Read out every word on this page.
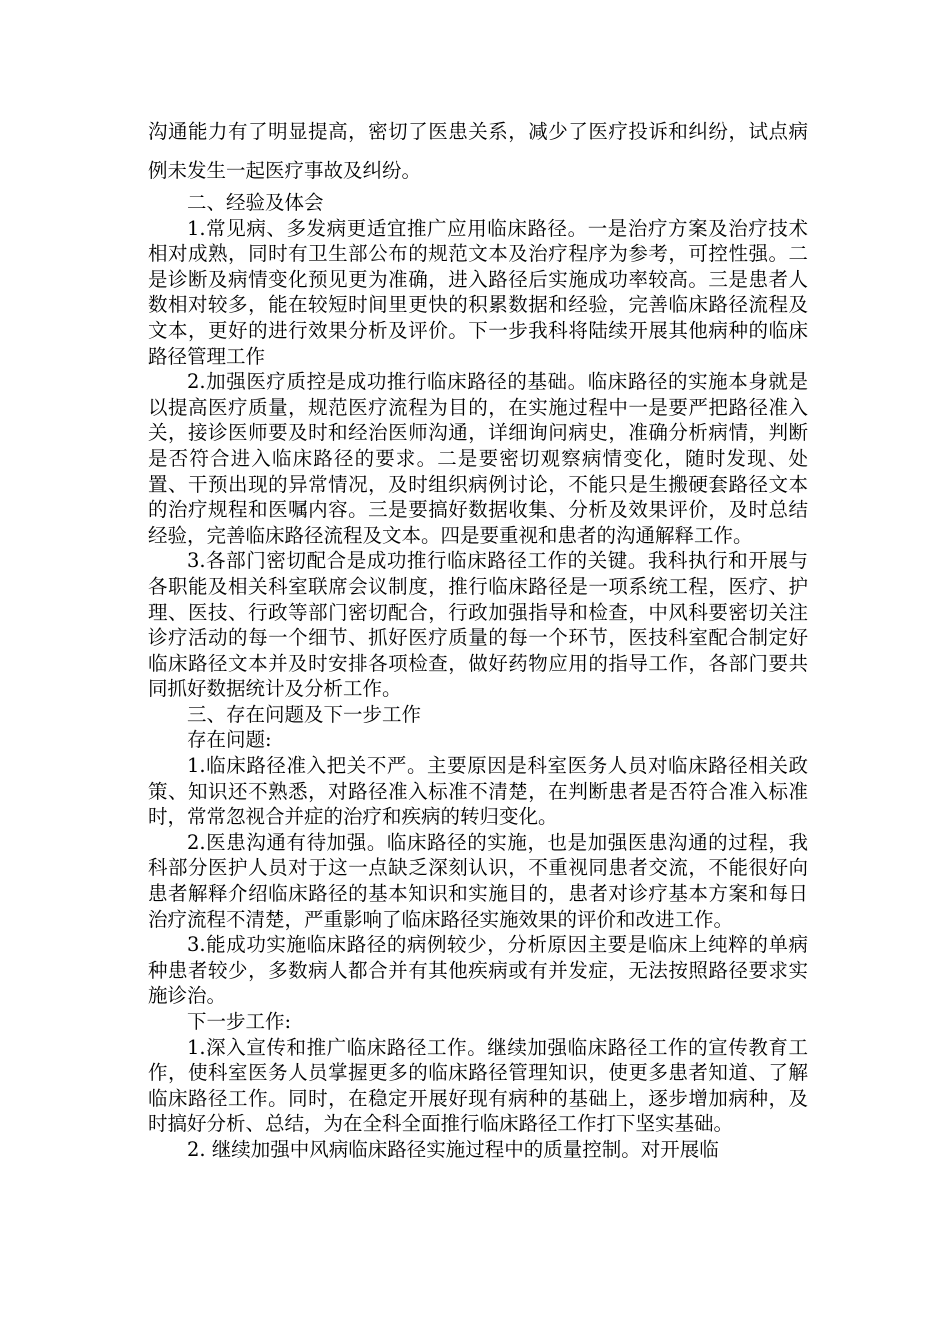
沟通能力有了明显提高，密切了医患关系，减少了医疗投诉和纠纷，试点病例未发生一起医疗事故及纠纷。

二、经验及体会

1.常见病、多发病更适宜推广应用临床路径。一是治疗方案及治疗技术相对成熟，同时有卫生部公布的规范文本及治疗程序为参考，可控性强。二是诊断及病情变化预见更为准确，进入路径后实施成功率较高。三是患者人数相对较多，能在较短时间里更快的积累数据和经验，完善临床路径流程及文本，更好的进行效果分析及评价。下一步我科将陆续开展其他病种的临床路径管理工作

2.加强医疗质控是成功推行临床路径的基础。临床路径的实施本身就是以提高医疗质量，规范医疗流程为目的，在实施过程中一是要严把路径准入关，接诊医师要及时和经治医师沟通，详细询问病史，准确分析病情，判断是否符合进入临床路径的要求。二是要密切观察病情变化，随时发现、处置、干预出现的异常情况，及时组织病例讨论，不能只是生搬硬套路径文本的治疗规程和医嘱内容。三是要搞好数据收集、分析及效果评价，及时总结经验，完善临床路径流程及文本。四是要重视和患者的沟通解释工作。

3.各部门密切配合是成功推行临床路径工作的关键。我科执行和开展与各职能及相关科室联席会议制度，推行临床路径是一项系统工程，医疗、护理、医技、行政等部门密切配合，行政加强指导和检查，中风科要密切关注诊疗活动的每一个细节、抓好医疗质量的每一个环节，医技科室配合制定好临床路径文本并及时安排各项检查，做好药物应用的指导工作，各部门要共同抓好数据统计及分析工作。

三、存在问题及下一步工作

存在问题:

1.临床路径准入把关不严。主要原因是科室医务人员对临床路径相关政策、知识还不熟悉，对路径准入标准不清楚，在判断患者是否符合准入标准时，常常忽视合并症的治疗和疾病的转归变化。

2.医患沟通有待加强。临床路径的实施，也是加强医患沟通的过程，我科部分医护人员对于这一点缺乏深刻认识，不重视同患者交流，不能很好向患者解释介绍临床路径的基本知识和实施目的，患者对诊疗基本方案和每日治疗流程不清楚，严重影响了临床路径实施效果的评价和改进工作。

3.能成功实施临床路径的病例较少，分析原因主要是临床上纯粹的单病种患者较少，多数病人都合并有其他疾病或有并发症，无法按照路径要求实施诊治。

下一步工作:

1.深入宣传和推广临床路径工作。继续加强临床路径工作的宣传教育工作，使科室医务人员掌握更多的临床路径管理知识，使更多患者知道、了解临床路径工作。同时，在稳定开展好现有病种的基础上，逐步增加病种，及时搞好分析、总结，为在全科全面推行临床路径工作打下坚实基础。

2. 继续加强中风病临床路径实施过程中的质量控制。对开展临
